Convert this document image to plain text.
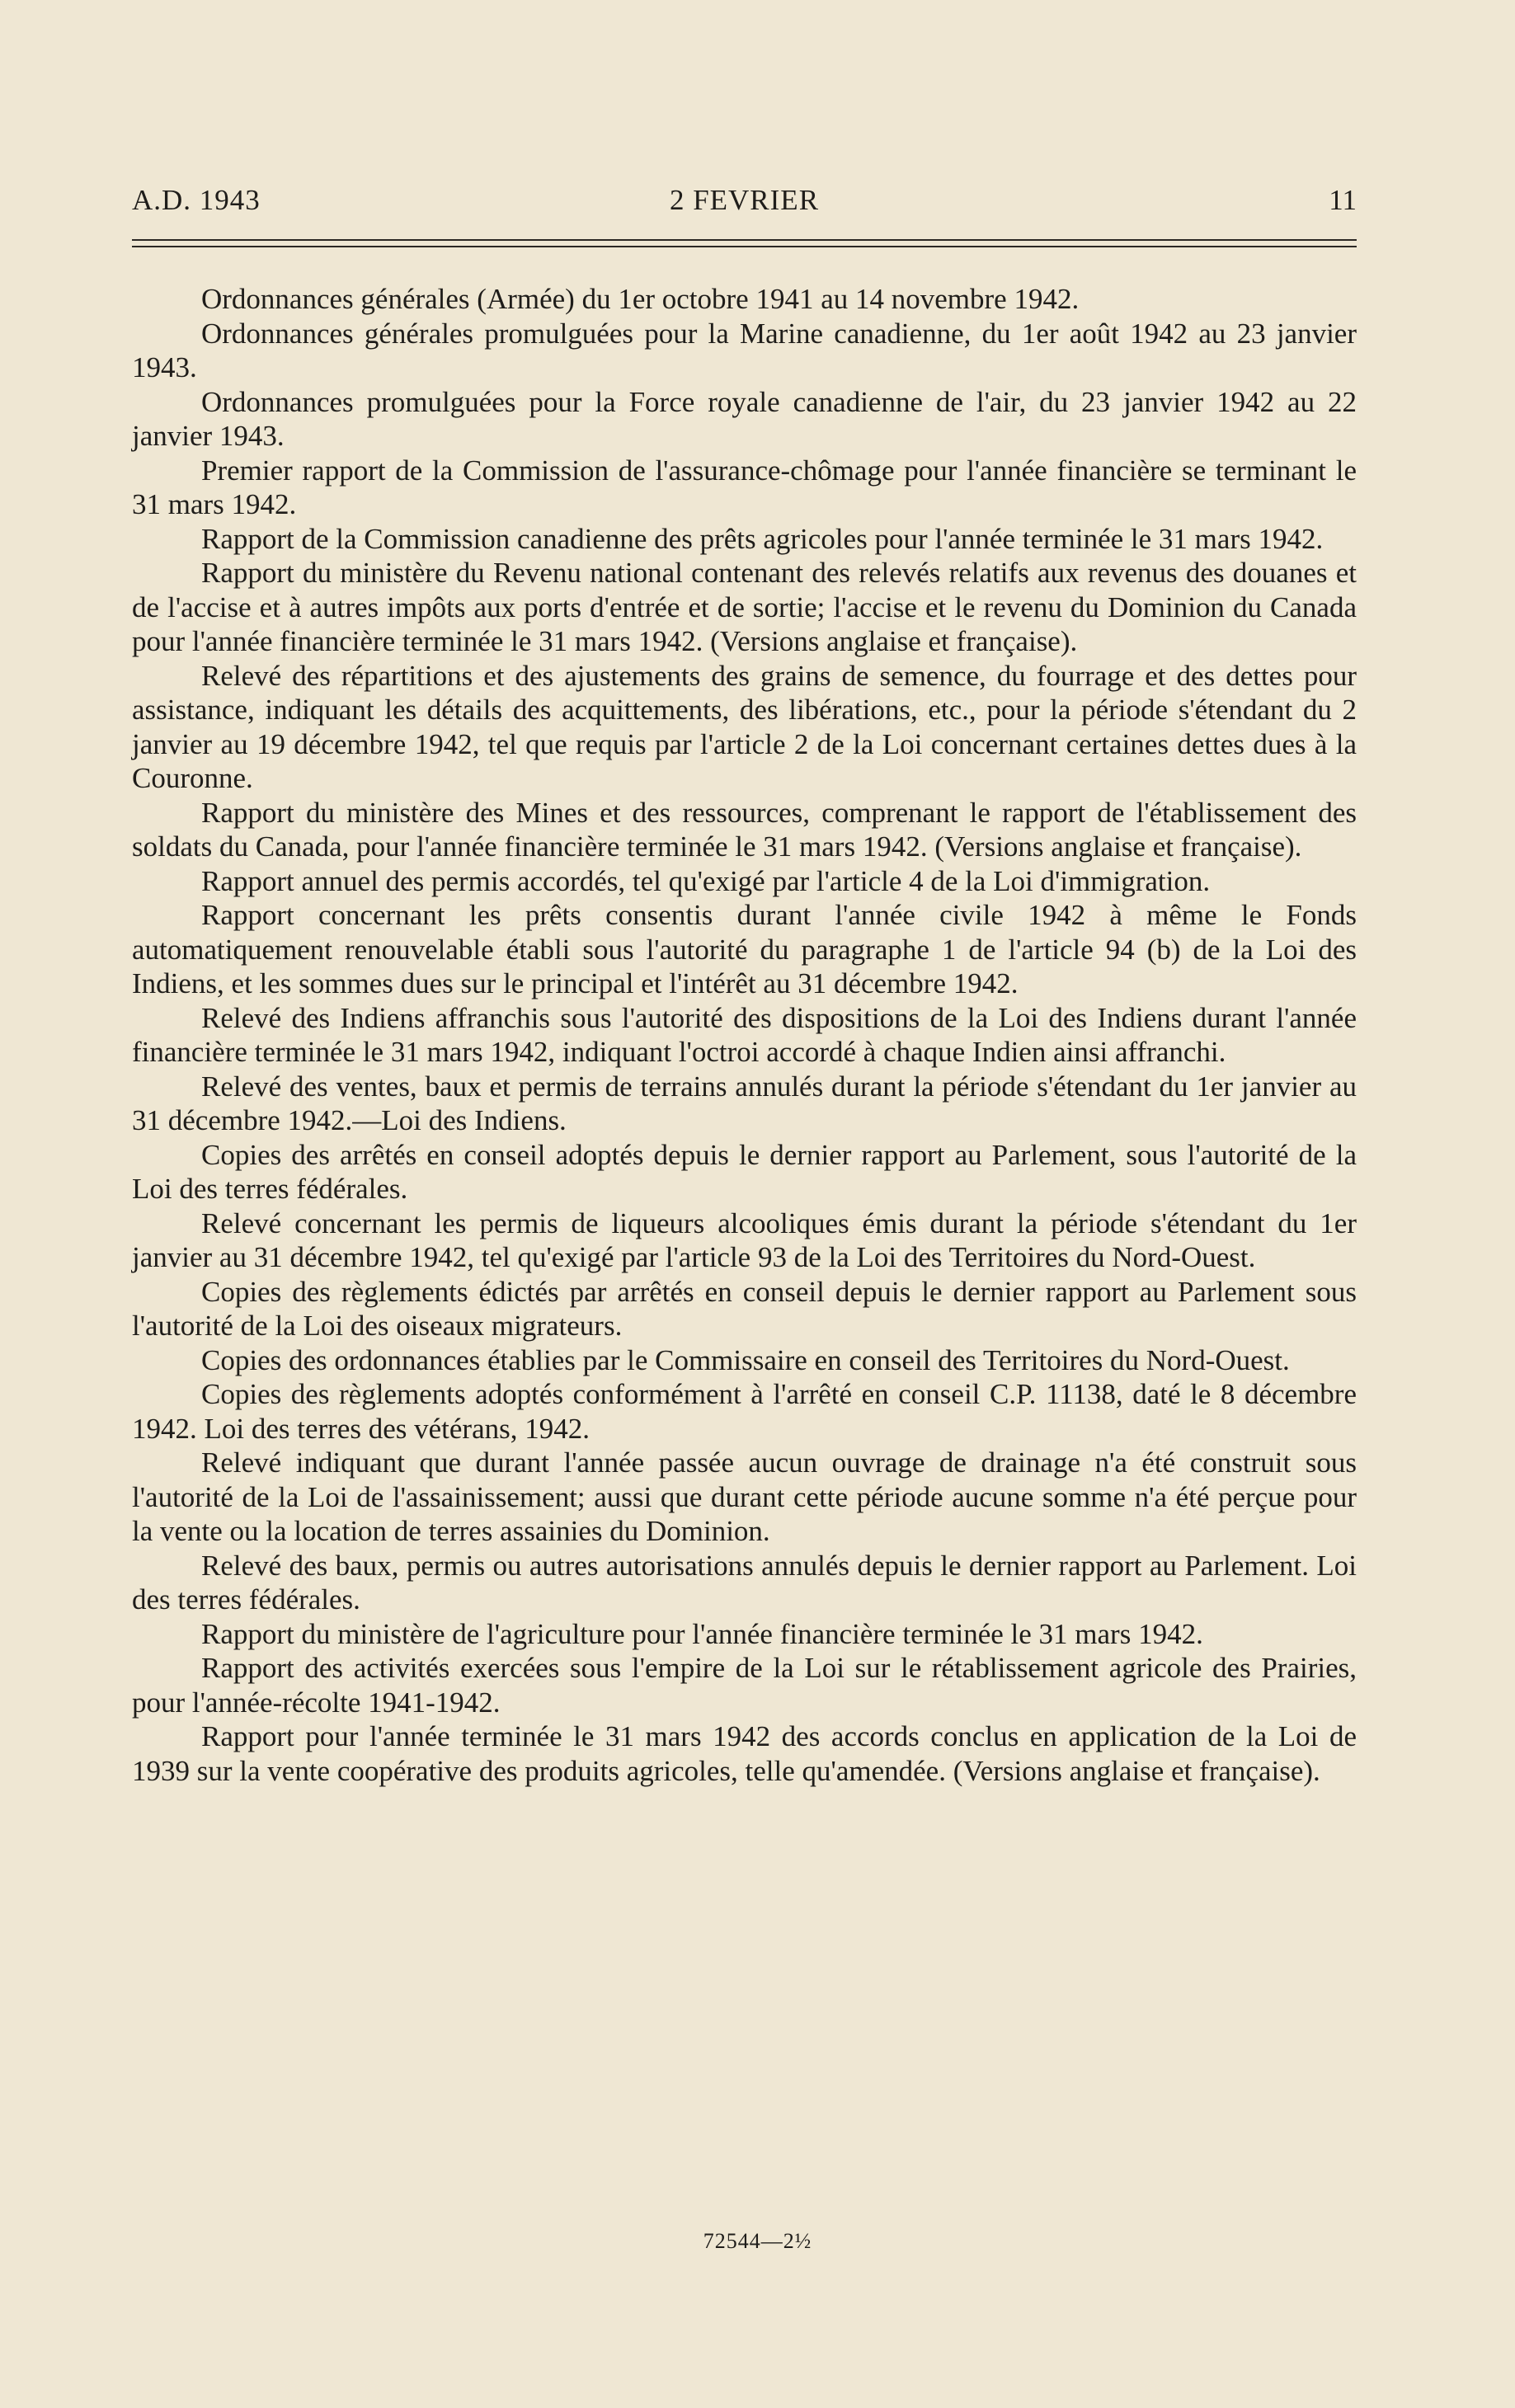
A.D. 1943	2 FEVRIER	11

Ordonnances générales (Armée) du 1er octobre 1941 au 14 novembre 1942.

Ordonnances générales promulguées pour la Marine canadienne, du 1er août 1942 au 23 janvier 1943.

Ordonnances promulguées pour la Force royale canadienne de l'air, du 23 janvier 1942 au 22 janvier 1943.

Premier rapport de la Commission de l'assurance-chômage pour l'année financière se terminant le 31 mars 1942.

Rapport de la Commission canadienne des prêts agricoles pour l'année terminée le 31 mars 1942.

Rapport du ministère du Revenu national contenant des relevés relatifs aux revenus des douanes et de l'accise et à autres impôts aux ports d'entrée et de sortie; l'accise et le revenu du Dominion du Canada pour l'année financière terminée le 31 mars 1942. (Versions anglaise et française).

Relevé des répartitions et des ajustements des grains de semence, du fourrage et des dettes pour assistance, indiquant les détails des acquittements, des libérations, etc., pour la période s'étendant du 2 janvier au 19 décembre 1942, tel que requis par l'article 2 de la Loi concernant certaines dettes dues à la Couronne.

Rapport du ministère des Mines et des ressources, comprenant le rapport de l'établissement des soldats du Canada, pour l'année financière terminée le 31 mars 1942. (Versions anglaise et française).

Rapport annuel des permis accordés, tel qu'exigé par l'article 4 de la Loi d'immigration.

Rapport concernant les prêts consentis durant l'année civile 1942 à même le Fonds automatiquement renouvelable établi sous l'autorité du paragraphe 1 de l'article 94 (b) de la Loi des Indiens, et les sommes dues sur le principal et l'intérêt au 31 décembre 1942.

Relevé des Indiens affranchis sous l'autorité des dispositions de la Loi des Indiens durant l'année financière terminée le 31 mars 1942, indiquant l'octroi accordé à chaque Indien ainsi affranchi.

Relevé des ventes, baux et permis de terrains annulés durant la période s'étendant du 1er janvier au 31 décembre 1942.—Loi des Indiens.

Copies des arrêtés en conseil adoptés depuis le dernier rapport au Parlement, sous l'autorité de la Loi des terres fédérales.

Relevé concernant les permis de liqueurs alcooliques émis durant la période s'étendant du 1er janvier au 31 décembre 1942, tel qu'exigé par l'article 93 de la Loi des Territoires du Nord-Ouest.

Copies des règlements édictés par arrêtés en conseil depuis le dernier rapport au Parlement sous l'autorité de la Loi des oiseaux migrateurs.

Copies des ordonnances établies par le Commissaire en conseil des Territoires du Nord-Ouest.

Copies des règlements adoptés conformément à l'arrêté en conseil C.P. 11138, daté le 8 décembre 1942. Loi des terres des vétérans, 1942.

Relevé indiquant que durant l'année passée aucun ouvrage de drainage n'a été construit sous l'autorité de la Loi de l'assainissement; aussi que durant cette période aucune somme n'a été perçue pour la vente ou la location de terres assainies du Dominion.

Relevé des baux, permis ou autres autorisations annulés depuis le dernier rapport au Parlement. Loi des terres fédérales.

Rapport du ministère de l'agriculture pour l'année financière terminée le 31 mars 1942.

Rapport des activités exercées sous l'empire de la Loi sur le rétablissement agricole des Prairies, pour l'année-récolte 1941-1942.

Rapport pour l'année terminée le 31 mars 1942 des accords conclus en application de la Loi de 1939 sur la vente coopérative des produits agricoles, telle qu'amendée. (Versions anglaise et française).

72544—2½
